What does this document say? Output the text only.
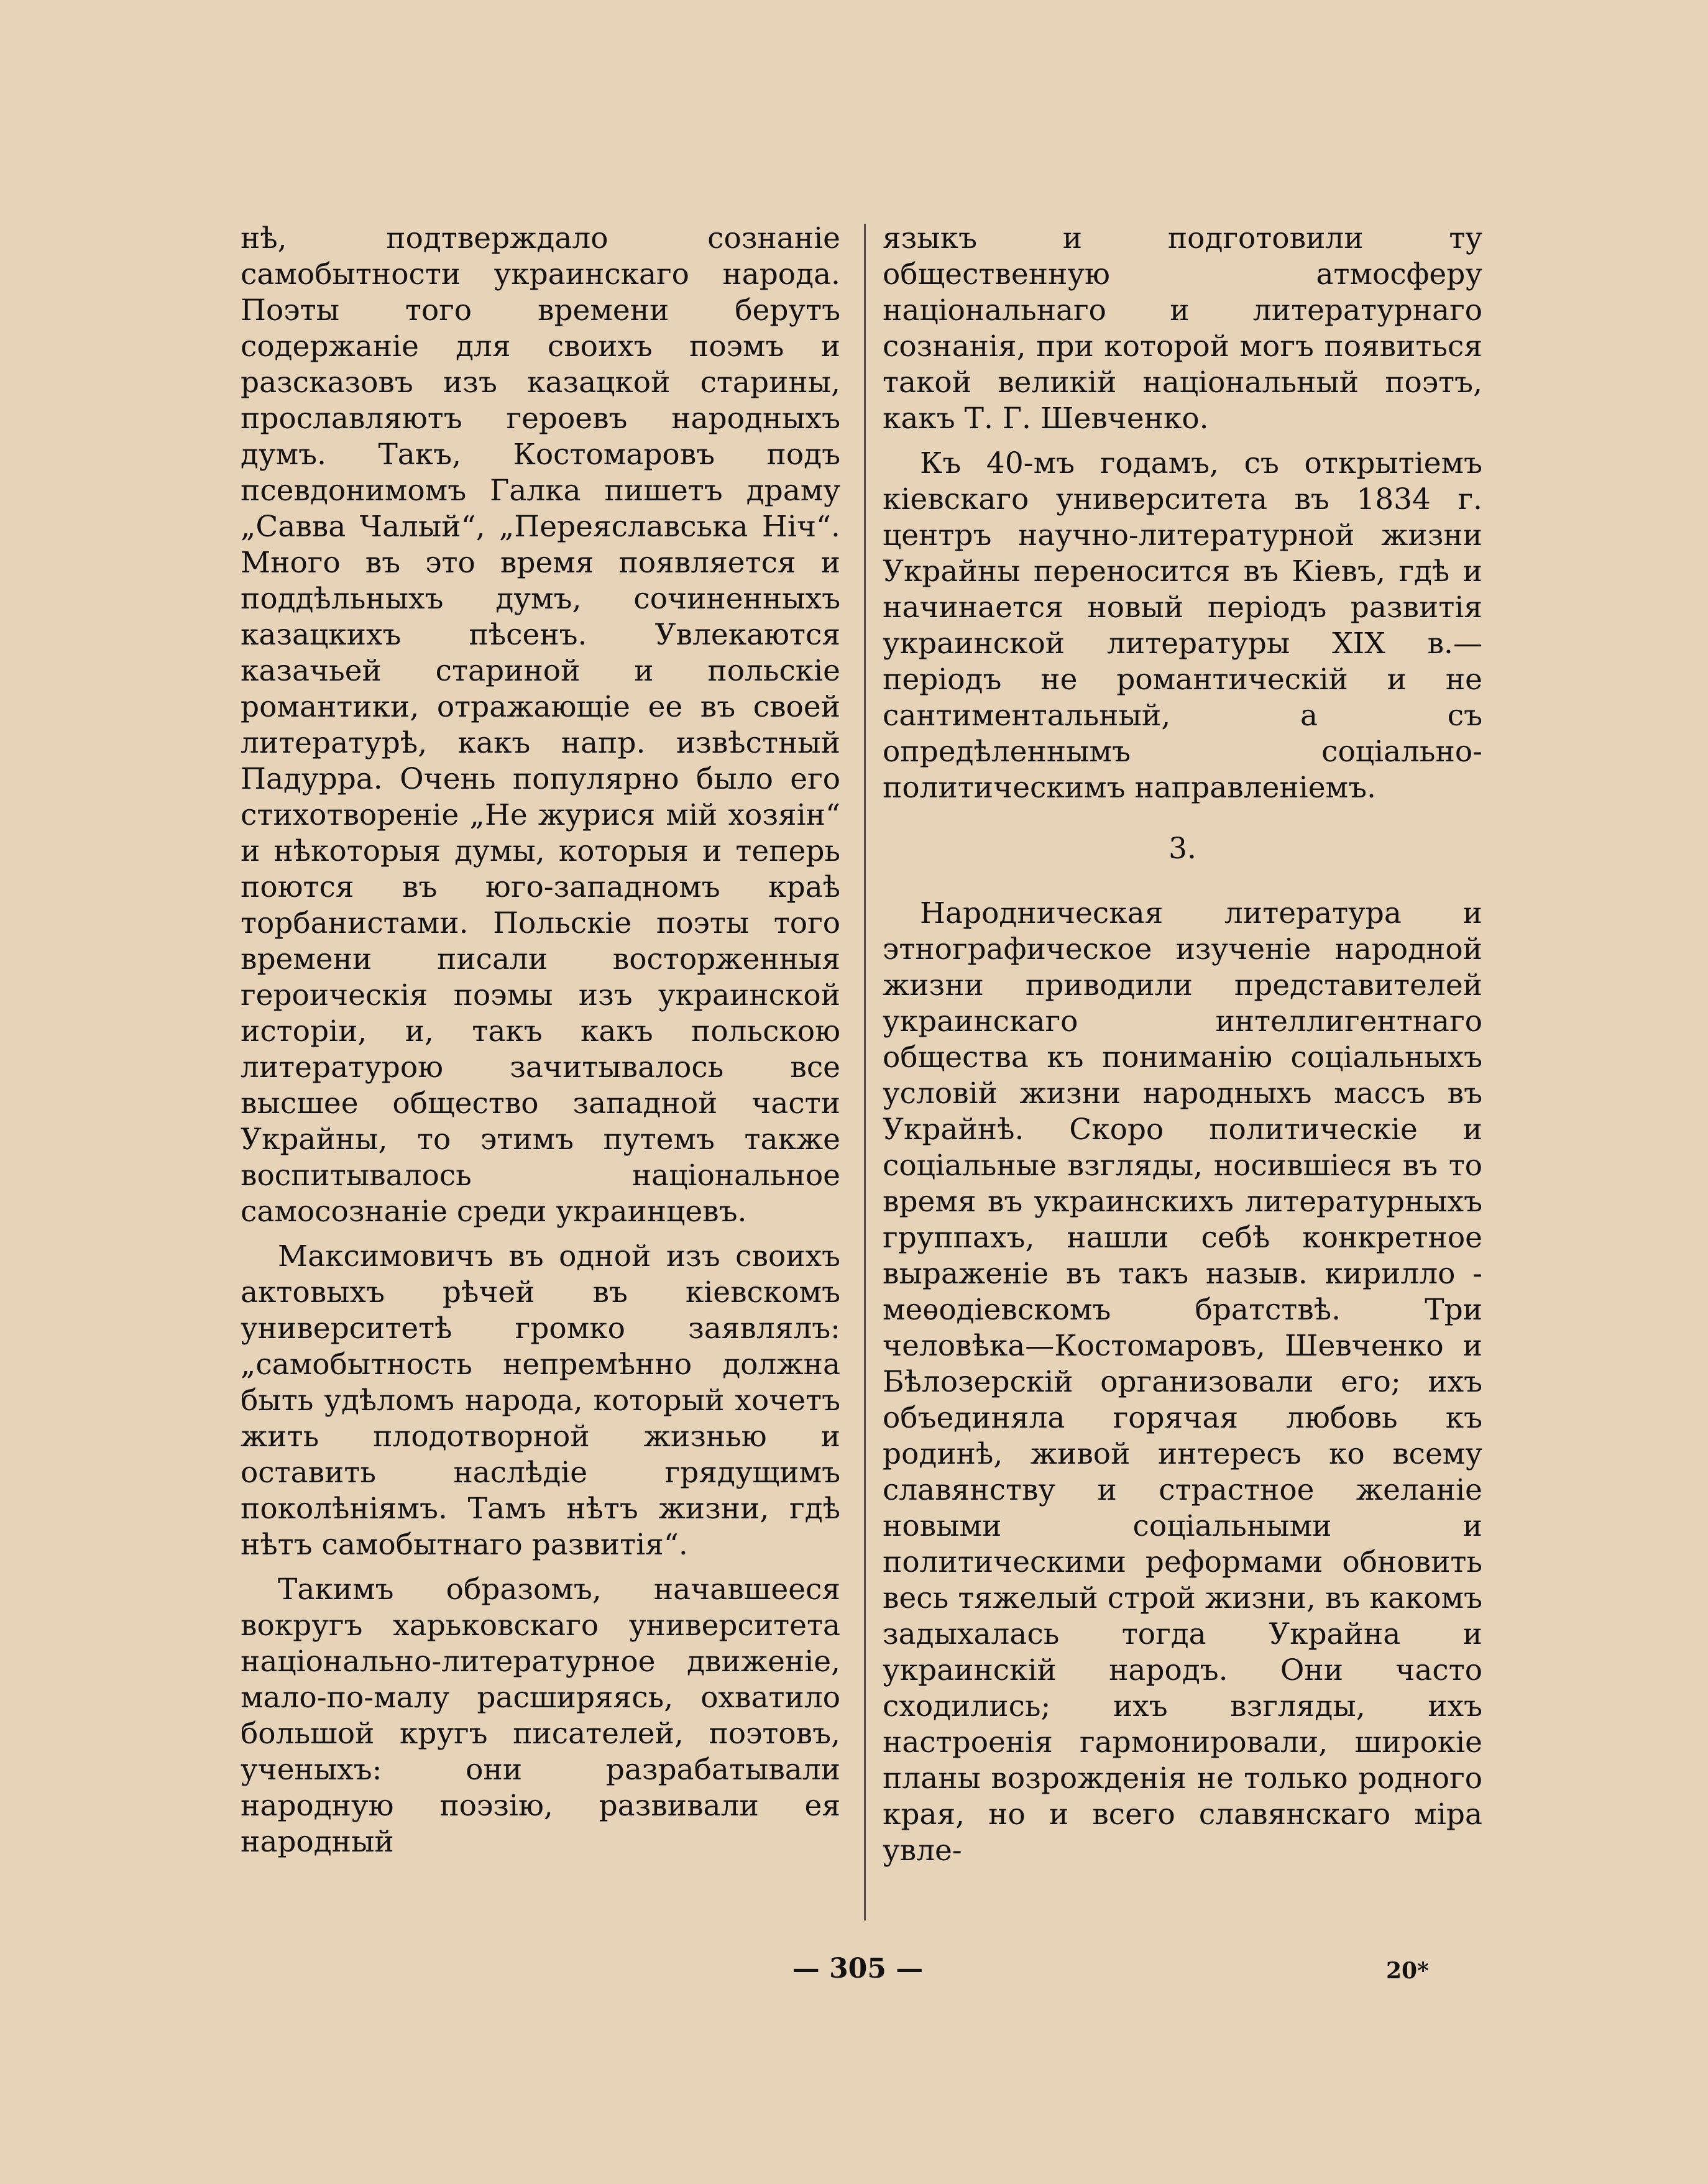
нѣ, подтверждало сознаніе самобытности украинскаго народа. Поэты того времени берутъ содержаніе для своихъ поэмъ и разсказовъ изъ казацкой старины, прославляютъ героевъ народныхъ думъ. Такъ, Костомаровъ подъ псевдонимомъ Галка пишетъ драму „Савва Чалый“, „Переяславська Ніч“. Много въ это время появляется и поддѣльныхъ думъ, сочиненныхъ казацкихъ пѣсенъ. Увлекаются казачьей стариной и польскіе романтики, отражающіе ее въ своей литературѣ, какъ напр. извѣстный Падурра. Очень популярно было его стихотвореніе „Не журися мій хозяін“ и нѣкоторыя думы, которыя и теперь поются въ юго-западномъ краѣ торбанистами. Польскіе поэты того времени писали восторженныя героическія поэмы изъ украинской исторіи, и, такъ какъ польскою литературою зачитывалось все высшее общество западной части Украйны, то этимъ путемъ также воспитывалось національное самосознаніе среди украинцевъ.

Максимовичъ въ одной изъ своихъ актовыхъ рѣчей въ кіевскомъ университетѣ громко заявлялъ: „самобытность непремѣнно должна быть удѣломъ народа, который хочетъ жить плодотворной жизнью и оставить наслѣдіе грядущимъ поколѣніямъ. Тамъ нѣтъ жизни, гдѣ нѣтъ самобытнаго развитія“.

Такимъ образомъ, начавшееся вокругъ харьковскаго университета національно-литературное движеніе, мало-по-малу расширяясь, охватило большой кругъ писателей, поэтовъ, ученыхъ: они разрабатывали народную поэзію, развивали ея народный

языкъ и подготовили ту общественную атмосферу національнаго и литературнаго сознанія, при которой могъ появиться такой великій національный поэтъ, какъ Т. Г. Шевченко.

Къ 40-мъ годамъ, съ открытіемъ кіевскаго университета въ 1834 г. центръ научно-литературной жизни Украйны переносится въ Кіевъ, гдѣ и начинается новый періодъ развитія украинской литературы XIX в.— періодъ не романтическій и не сантиментальный, а съ опредѣленнымъ соціально-политическимъ направленіемъ.

3.

Народническая литература и этнографическое изученіе народной жизни приводили представителей украинскаго интеллигентнаго общества къ пониманію соціальныхъ условій жизни народныхъ массъ въ Украйнѣ. Скоро политическіе и соціальные взгляды, носившіеся въ то время въ украинскихъ литературныхъ группахъ, нашли себѣ конкретное выраженіе въ такъ назыв. кирилло - меѳодіевскомъ братствѣ. Три человѣка—Костомаровъ, Шевченко и Бѣлозерскій организовали его; ихъ объединяла горячая любовь къ родинѣ, живой интересъ ко всему славянству и страстное желаніе новыми соціальными и политическими реформами обновить весь тяжелый строй жизни, въ какомъ задыхалась тогда Украйна и украинскій народъ. Они часто сходились; ихъ взгляды, ихъ настроенія гармонировали, широкіе планы возрожденія не только родного края, но и всего славянскаго міра увле-

— 305 —	20*
